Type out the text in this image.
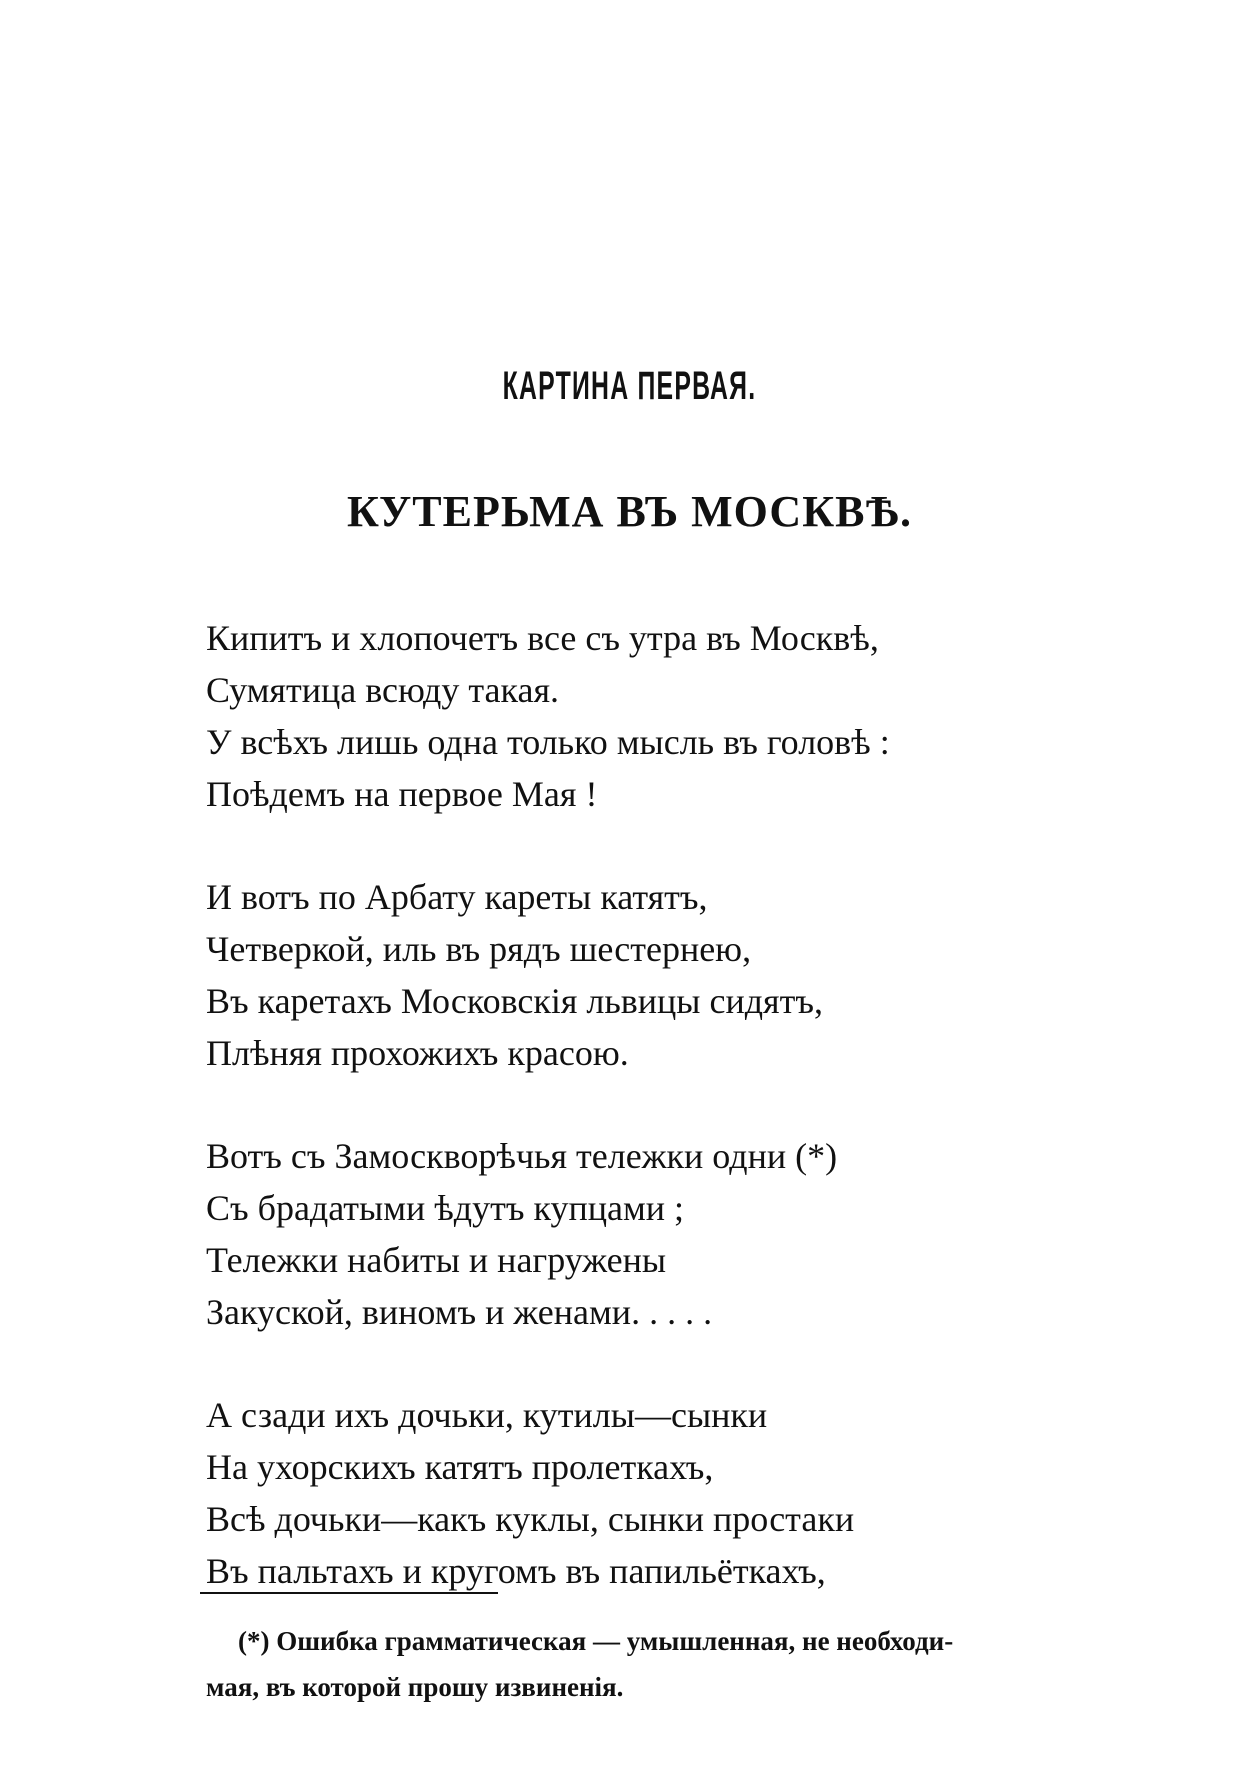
КАРТИНА ПЕРВАЯ.
КУТЕРЬМА ВЪ МОСКВѢ.
Кипитъ и хлопочетъ все съ утра въ Москвѣ,
Сумятица всюду такая.
У всѣхъ лишь одна только мысль въ головѣ :
Поѣдемъ на первое Мая !
И вотъ по Арбату кареты катятъ,
Четверкой, иль въ рядъ шестернею,
Въ каретахъ Московскія львицы сидятъ,
Плѣняя прохожихъ красою.
Вотъ съ Замоскворѣчья тележки одни (*)
Съ брадатыми ѣдутъ купцами ;
Тележки набиты и нагружены
Закуской, виномъ и женами. . . . .
А сзади ихъ дочьки, кутилы—сынки
На ухорскихъ катятъ пролеткахъ,
Всѣ дочьки—какъ куклы, сынки простаки
Въ пальтахъ и кругомъ въ папильёткахъ,
(*) Ошибка грамматическая — умышленная, не необходи-
мая, въ которой прошу извиненія.
